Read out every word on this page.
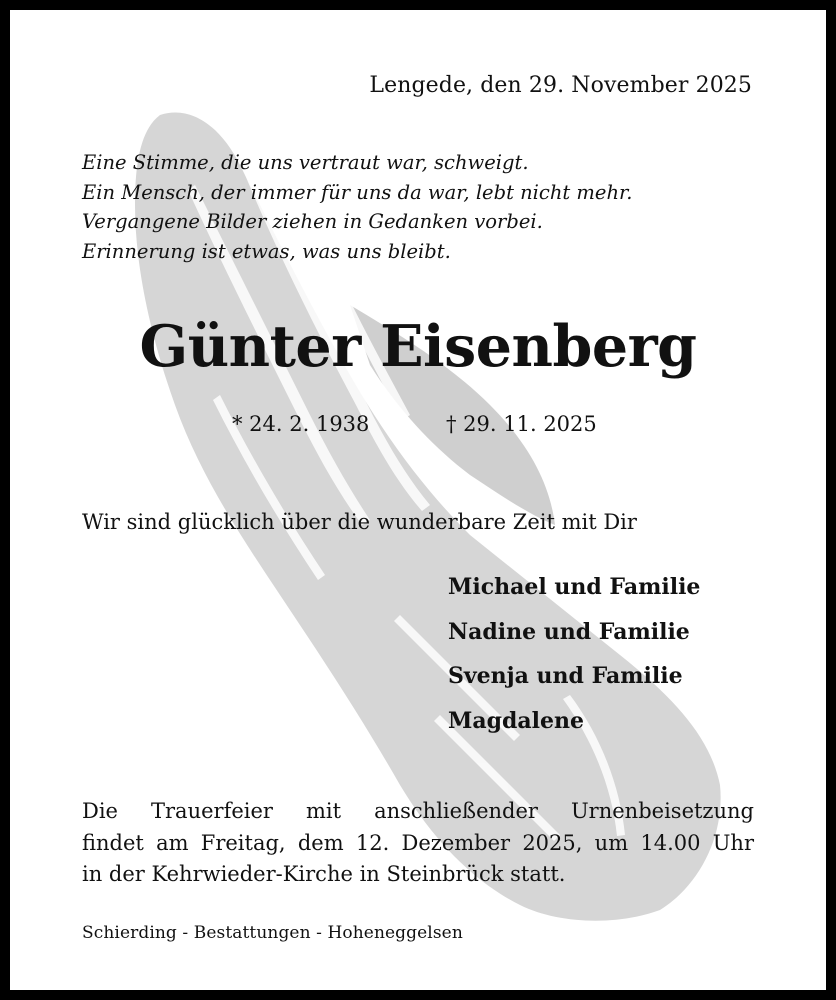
Lengede, den 29. November 2025
Eine Stimme, die uns vertraut war, schweigt.
Ein Mensch, der immer für uns da war, lebt nicht mehr.
Vergangene Bilder ziehen in Gedanken vorbei.
Erinnerung ist etwas, was uns bleibt.
Günter Eisenberg
* 24. 2. 1938	† 29. 11. 2025
Wir sind glücklich über die wunderbare Zeit mit Dir
Michael und Familie
Nadine und Familie
Svenja und Familie
Magdalene
Die Trauerfeier mit anschließender Urnenbeisetzung
findet am Freitag, dem 12. Dezember 2025, um 14.00 Uhr
in der Kehrwieder-Kirche in Steinbrück statt.
Schierding - Bestattungen - Hoheneggelsen
